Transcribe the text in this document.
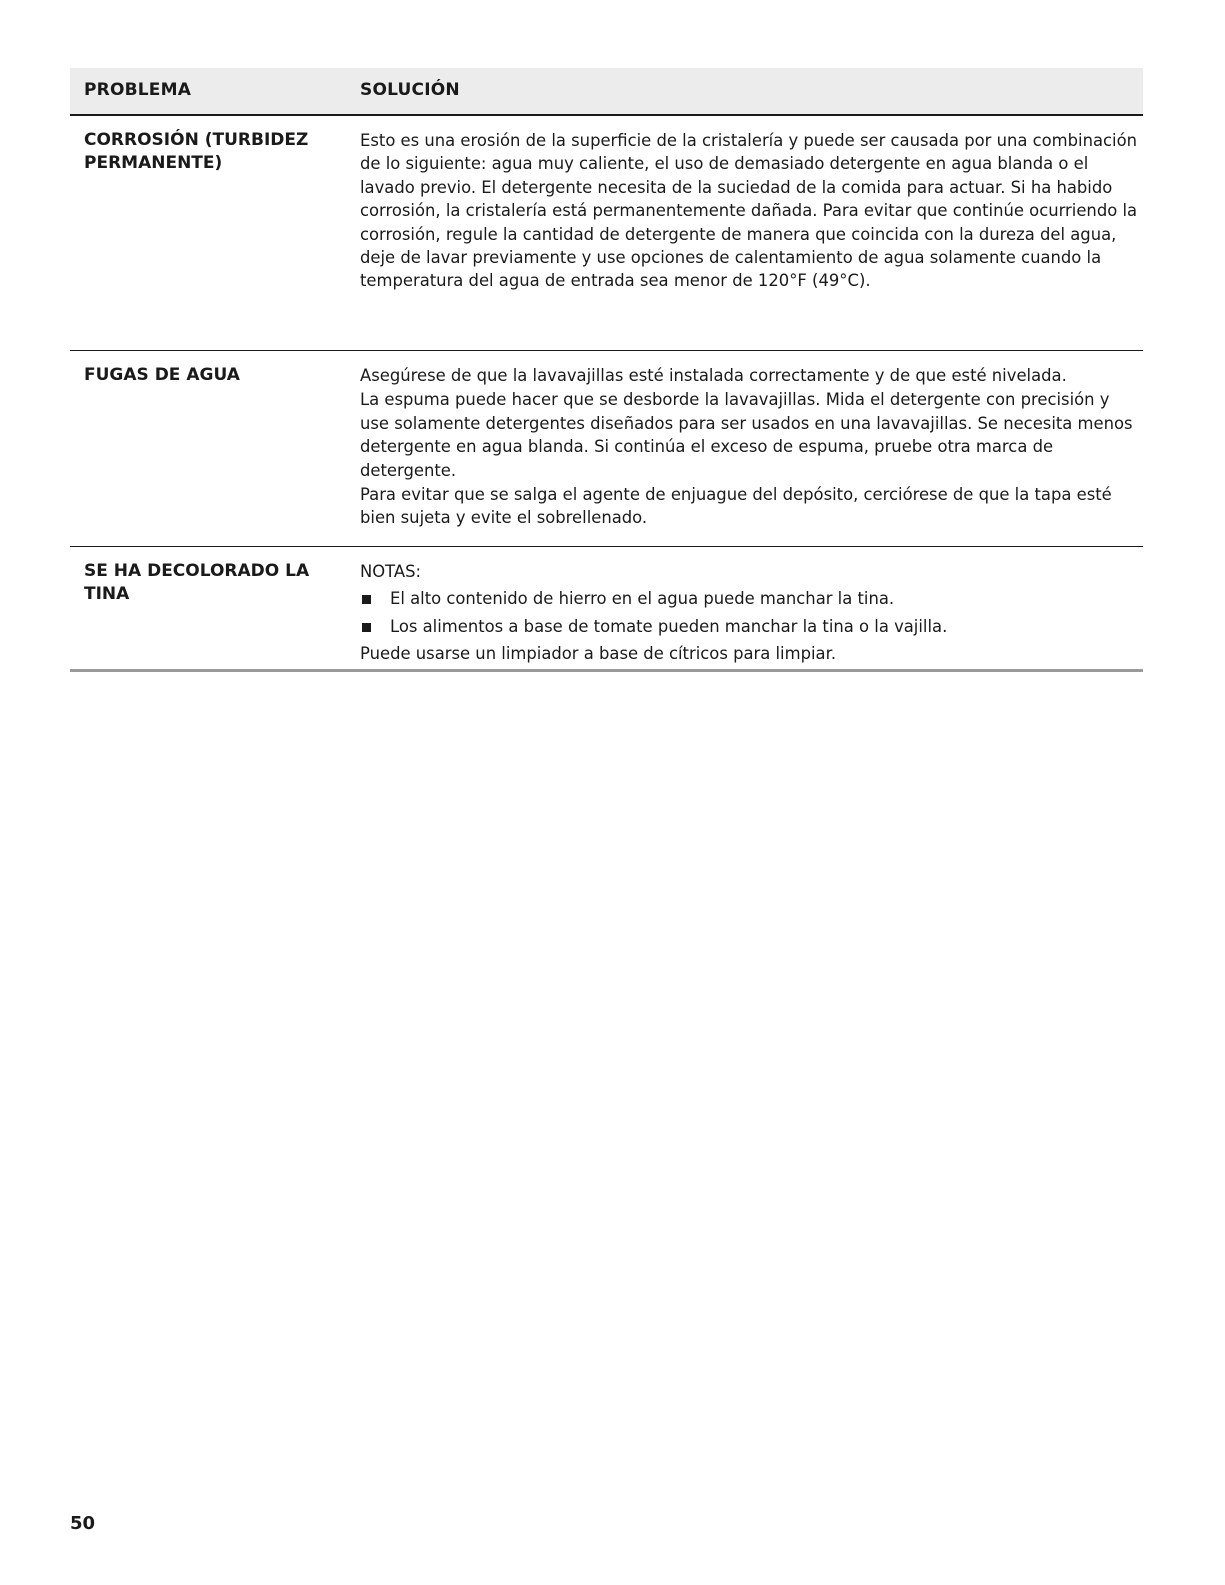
PROBLEMA	SOLUCIÓN
CORROSIÓN (TURBIDEZ PERMANENTE)

Esto es una erosión de la superficie de la cristalería y puede ser causada por una combinación de lo siguiente: agua muy caliente, el uso de demasiado detergente en agua blanda o el lavado previo. El detergente necesita de la suciedad de la comida para actuar. Si ha habido corrosión, la cristalería está permanentemente dañada. Para evitar que continúe ocurriendo la corrosión, regule la cantidad de detergente de manera que coincida con la dureza del agua, deje de lavar previamente y use opciones de calentamiento de agua solamente cuando la temperatura del agua de entrada sea menor de 120°F (49°C).

FUGAS DE AGUA	Asegúrese de que la lavavajillas esté instalada correctamente y de que esté nivelada.

La espuma puede hacer que se desborde la lavavajillas. Mida el detergente con precisión y use solamente detergentes diseñados para ser usados en una lavavajillas. Se necesita menos detergente en agua blanda. Si continúa el exceso de espuma, pruebe otra marca de detergente.

Para evitar que se salga el agente de enjuague del depósito, cerciórese de que la tapa esté bien sujeta y evite el sobrellenado.

SE HA DECOLORADO LA TINA

NOTAS:

El alto contenido de hierro en el agua puede manchar la tina.
Los alimentos a base de tomate pueden manchar la tina o la vajilla.

Puede usarse un limpiador a base de cítricos para limpiar.

50
